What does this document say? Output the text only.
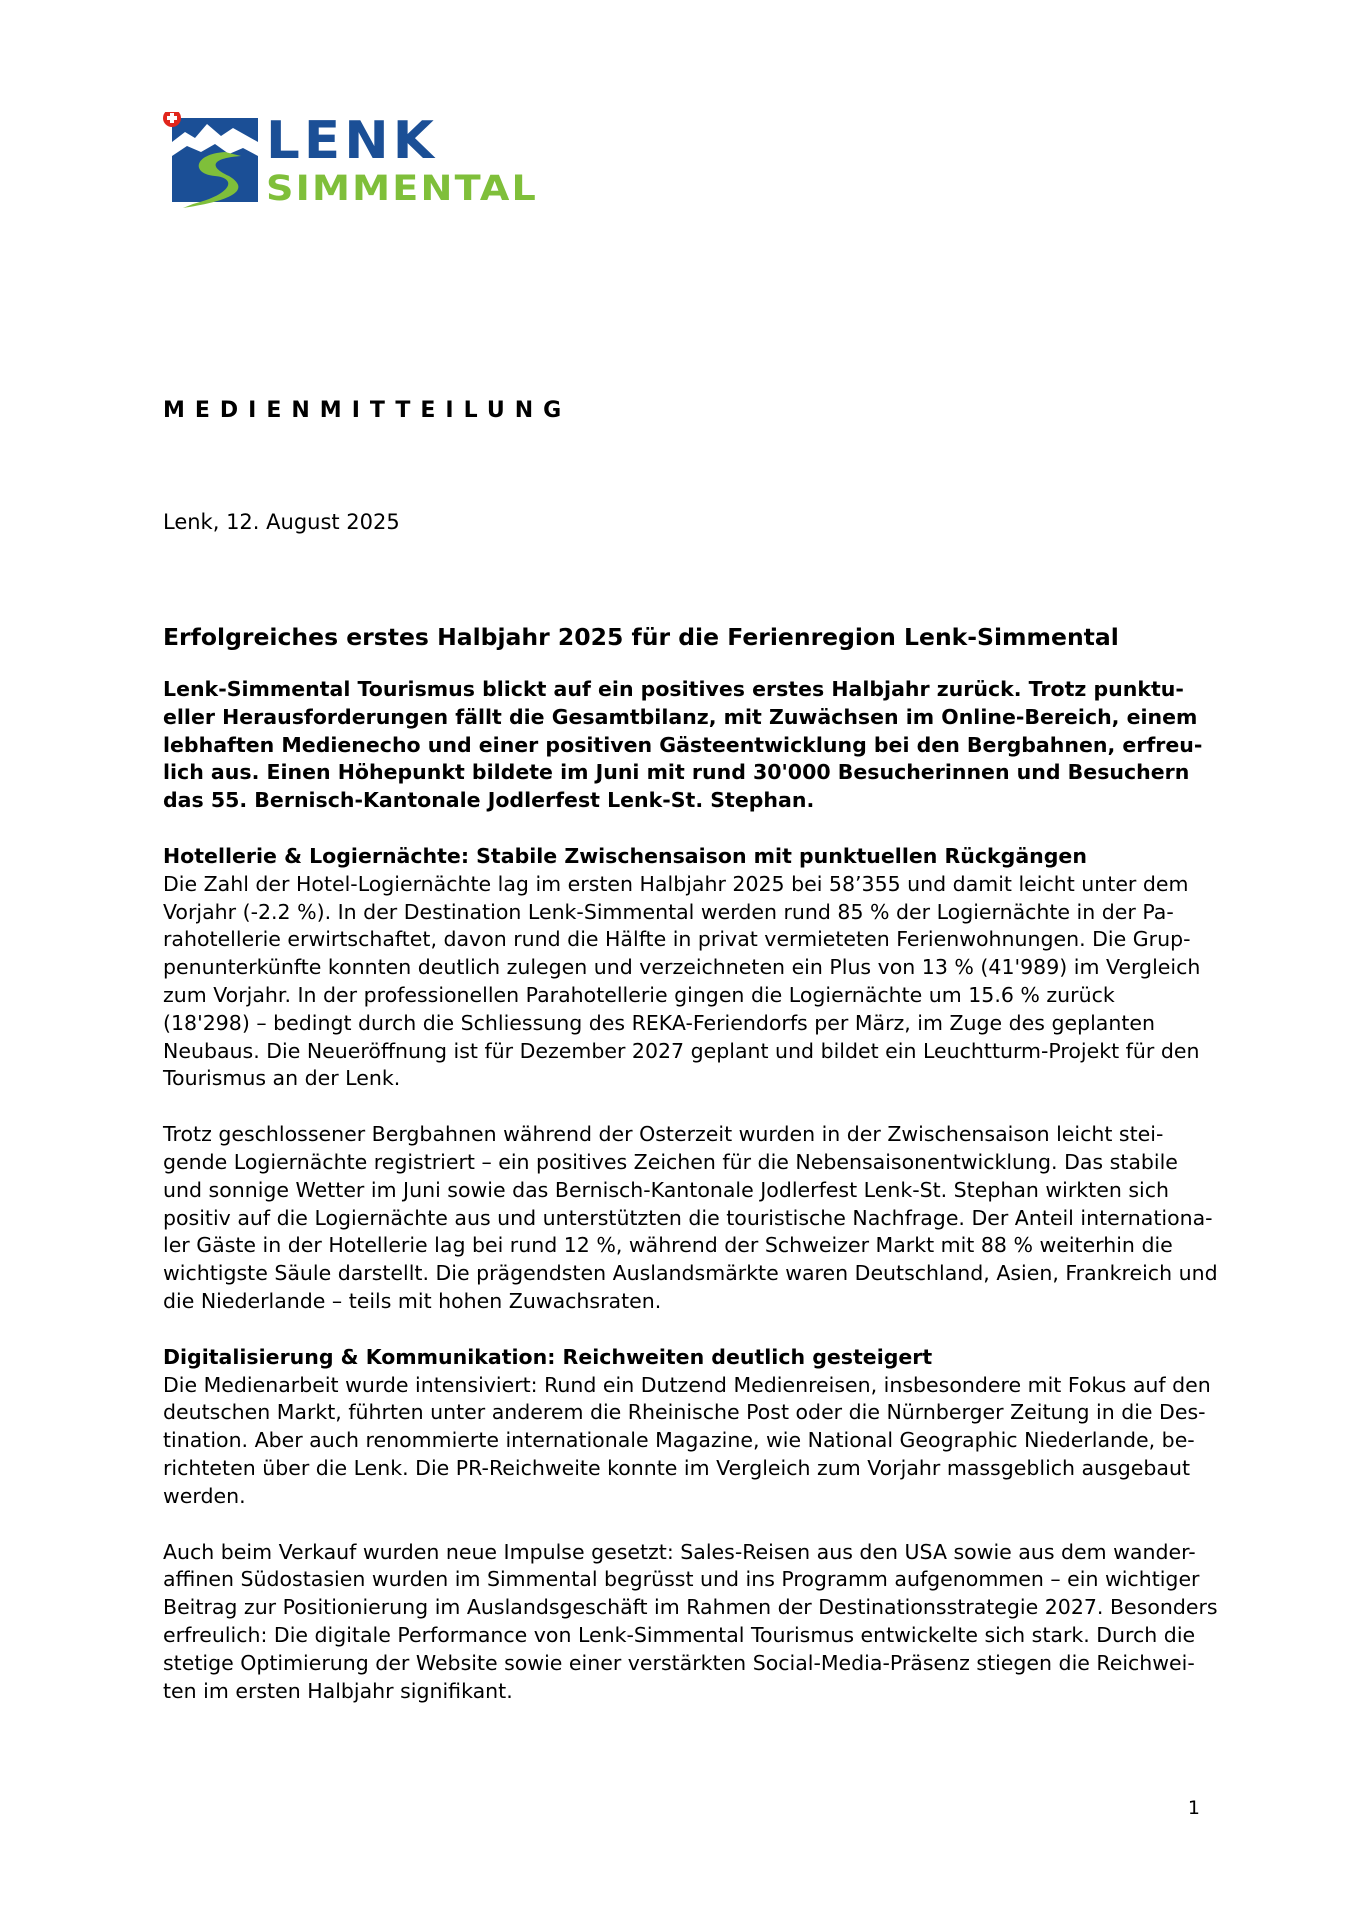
LENK
SIMMENTAL
MEDIENMITTEILUNG
Lenk, 12. August 2025
Erfolgreiches erstes Halbjahr 2025 für die Ferienregion Lenk-Simmental
Lenk-Simmental Tourismus blickt auf ein positives erstes Halbjahr zurück. Trotz punktu-
eller Herausforderungen fällt die Gesamtbilanz, mit Zuwächsen im Online-Bereich, einem
lebhaften Medienecho und einer positiven Gästeentwicklung bei den Bergbahnen, erfreu-
lich aus. Einen Höhepunkt bildete im Juni mit rund 30'000 Besucherinnen und Besuchern
das 55. Bernisch-Kantonale Jodlerfest Lenk-St. Stephan.
Hotellerie & Logiernächte: Stabile Zwischensaison mit punktuellen Rückgängen
Die Zahl der Hotel-Logiernächte lag im ersten Halbjahr 2025 bei 58’355 und damit leicht unter dem
Vorjahr (-2.2 %). In der Destination Lenk-Simmental werden rund 85 % der Logiernächte in der Pa-
rahotellerie erwirtschaftet, davon rund die Hälfte in privat vermieteten Ferienwohnungen. Die Grup-
penunterkünfte konnten deutlich zulegen und verzeichneten ein Plus von 13 % (41'989) im Vergleich
zum Vorjahr. In der professionellen Parahotellerie gingen die Logiernächte um 15.6 % zurück
(18'298) – bedingt durch die Schliessung des REKA-Feriendorfs per März, im Zuge des geplanten
Neubaus. Die Neueröffnung ist für Dezember 2027 geplant und bildet ein Leuchtturm-Projekt für den
Tourismus an der Lenk.
Trotz geschlossener Bergbahnen während der Osterzeit wurden in der Zwischensaison leicht stei-
gende Logiernächte registriert – ein positives Zeichen für die Nebensaisonentwicklung. Das stabile
und sonnige Wetter im Juni sowie das Bernisch-Kantonale Jodlerfest Lenk-St. Stephan wirkten sich
positiv auf die Logiernächte aus und unterstützten die touristische Nachfrage. Der Anteil internationa-
ler Gäste in der Hotellerie lag bei rund 12 %, während der Schweizer Markt mit 88 % weiterhin die
wichtigste Säule darstellt. Die prägendsten Auslandsmärkte waren Deutschland, Asien, Frankreich und
die Niederlande – teils mit hohen Zuwachsraten.
Digitalisierung & Kommunikation: Reichweiten deutlich gesteigert
Die Medienarbeit wurde intensiviert: Rund ein Dutzend Medienreisen, insbesondere mit Fokus auf den
deutschen Markt, führten unter anderem die Rheinische Post oder die Nürnberger Zeitung in die Des-
tination. Aber auch renommierte internationale Magazine, wie National Geographic Niederlande, be-
richteten über die Lenk. Die PR-Reichweite konnte im Vergleich zum Vorjahr massgeblich ausgebaut
werden.
Auch beim Verkauf wurden neue Impulse gesetzt: Sales-Reisen aus den USA sowie aus dem wander-
affinen Südostasien wurden im Simmental begrüsst und ins Programm aufgenommen – ein wichtiger
Beitrag zur Positionierung im Auslandsgeschäft im Rahmen der Destinationsstrategie 2027. Besonders
erfreulich: Die digitale Performance von Lenk-Simmental Tourismus entwickelte sich stark. Durch die
stetige Optimierung der Website sowie einer verstärkten Social-Media-Präsenz stiegen die Reichwei-
ten im ersten Halbjahr signifikant.
1
